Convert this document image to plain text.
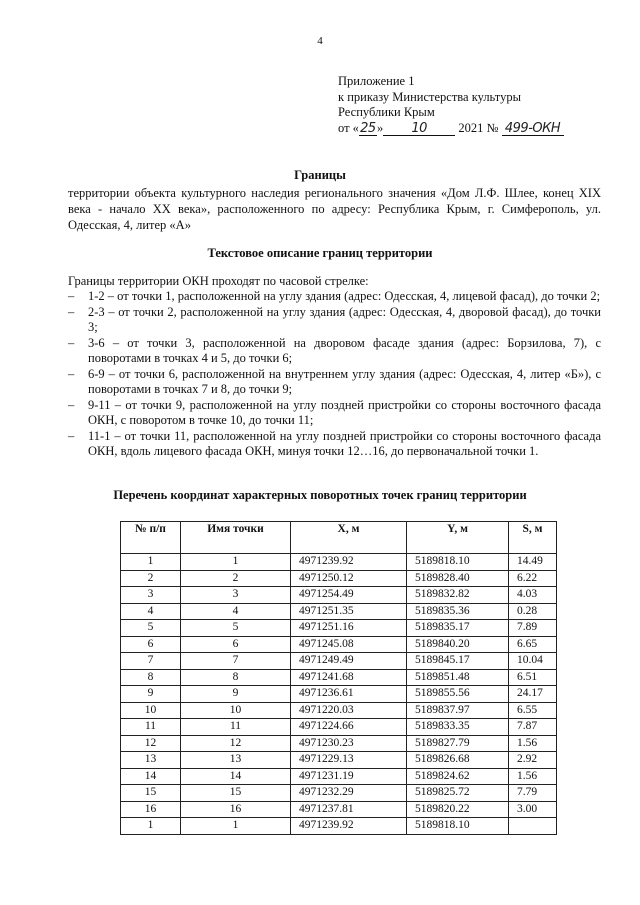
4
Приложение 1
к приказу Министерства культуры
Республики Крым
от «25» 10	2021 № 499-ОКН
Границы
территории объекта культурного наследия регионального значения «Дом Л.Ф. Шлее, конец XIX века - начало XX века», расположенного по адресу: Республика Крым, г. Симферополь, ул. Одесская, 4, литер «А»
Текстовое описание границ территории
Границы территории ОКН проходят по часовой стрелке:
– 1-2 – от точки 1, расположенной на углу здания (адрес: Одесская, 4, лицевой фасад), до точки 2;
– 2-3 – от точки 2, расположенной на углу здания (адрес: Одесская, 4, дворовой фасад), до точки 3;
– 3-6 – от точки 3, расположенной на дворовом фасаде здания (адрес: Борзилова, 7), с поворотами в точках 4 и 5, до точки 6;
– 6-9 – от точки 6, расположенной на внутреннем углу здания (адрес: Одесская, 4, литер «Б»), с поворотами в точках 7 и 8, до точки 9;
– 9-11 – от точки 9, расположенной на углу поздней пристройки со стороны восточного фасада ОКН, с поворотом в точке 10, до точки 11;
– 11-1 – от точки 11, расположенной на углу поздней пристройки со стороны восточного фасада ОКН, вдоль лицевого фасада ОКН, минуя точки 12…16, до первоначальной точки 1.
Перечень координат характерных поворотных точек границ территории
№ п/п	Имя точки	X, м	Y, м	S, м
1	1	4971239.92	5189818.10	14.49
2	2	4971250.12	5189828.40	6.22
3	3	4971254.49	5189832.82	4.03
4	4	4971251.35	5189835.36	0.28
5	5	4971251.16	5189835.17	7.89
6	6	4971245.08	5189840.20	6.65
7	7	4971249.49	5189845.17	10.04
8	8	4971241.68	5189851.48	6.51
9	9	4971236.61	5189855.56	24.17
10	10	4971220.03	5189837.97	6.55
11	11	4971224.66	5189833.35	7.87
12	12	4971230.23	5189827.79	1.56
13	13	4971229.13	5189826.68	2.92
14	14	4971231.19	5189824.62	1.56
15	15	4971232.29	5189825.72	7.79
16	16	4971237.81	5189820.22	3.00
1	1	4971239.92	5189818.10	
